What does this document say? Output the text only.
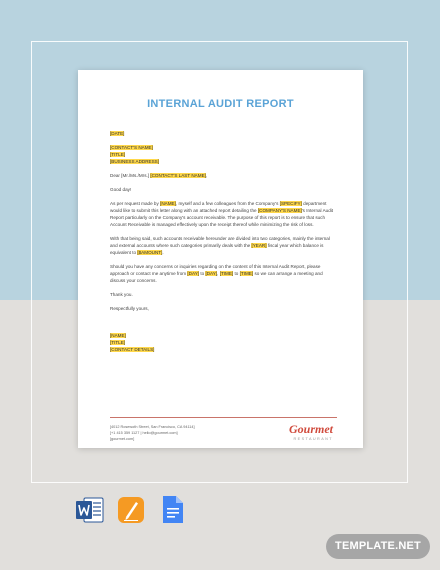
INTERNAL AUDIT REPORT
[DATE]
[CONTACT'S NAME]
[TITLE]
[BUSINESS ADDRESS]
Dear [Mr./Ms./Mrs.] [CONTACT'S LAST NAME],
Good day!
As per request made by [NAME], myself and a few colleagues from the Company's [SPECIFY] department would like to submit this letter along with an attached report detailing the [COMPANY'S NAME]'s Internal Audit Report particularly on the Company's account receivable. The purpose of this report is to ensure that such Account Receivable is managed effectively upon the receipt thereof while minimizing the risk of loss.
With that being said, such accounts receivable hereunder are divided into two categories, mainly the internal and external accounts where such categories primarily deals with the [YEAR] fiscal year which balance is equivalent to [$AMOUNT].
Should you have any concerns or inquiries regarding on the content of this Internal Audit Report, please approach or contact me anytime from [DAY] to [DAY], [TIME] to [TIME] so we can arrange a meeting and discuss your concerns.
Thank you.
Respectfully yours,
[NAME]
[TITLE]
[CONTACT DETAILS]
[4012 Rosewoth Street, San Francisco, CA 94114]
[+1 415 359 1127 | hello@gourmet.com]
[gourmet.com]
Gourmet
RESTAURANT
TEMPLATE.NET
